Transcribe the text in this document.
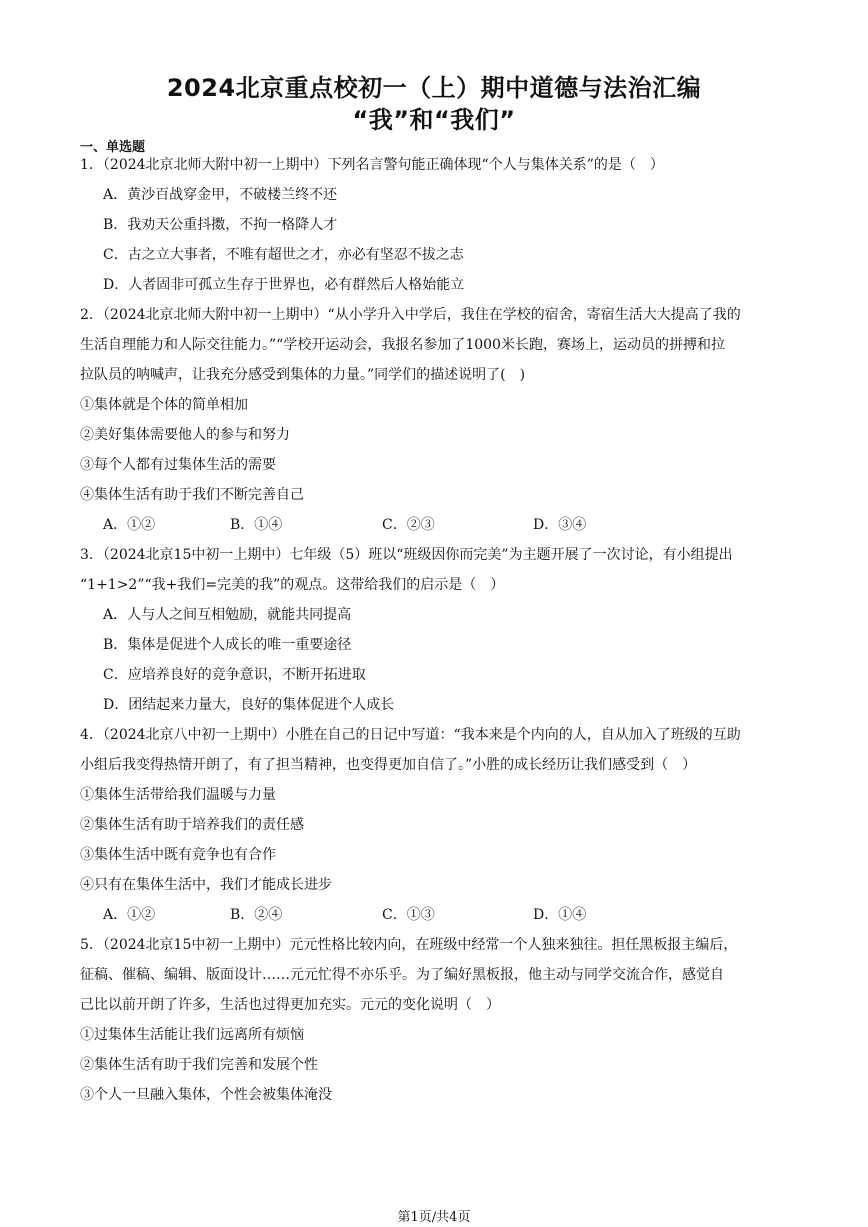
2024北京重点校初一（上）期中道德与法治汇编
“我”和“我们”
一、单选题
1．（2024北京北师大附中初一上期中）下列名言警句能正确体现“个人与集体关系”的是（　）
A．黄沙百战穿金甲，不破楼兰终不还
B．我劝天公重抖擞，不拘一格降人才
C．古之立大事者，不唯有超世之才，亦必有坚忍不拔之志
D．人者固非可孤立生存于世界也，必有群然后人格始能立
2．（2024北京北师大附中初一上期中）“从小学升入中学后，我住在学校的宿舍，寄宿生活大大提高了我的
生活自理能力和人际交往能力。”“学校开运动会，我报名参加了1000米长跑，赛场上，运动员的拼搏和拉
拉队员的呐喊声，让我充分感受到集体的力量。”同学们的描述说明了(　)
①集体就是个体的简单相加
②美好集体需要他人的参与和努力
③每个人都有过集体生活的需要
④集体生活有助于我们不断完善自己
A．①②	B．①④	C．②③	D．③④
3．（2024北京15中初一上期中）七年级（5）班以“班级因你而完美”为主题开展了一次讨论，有小组提出
“1+1>2”“我+我们=完美的我”的观点。这带给我们的启示是（　）
A．人与人之间互相勉励，就能共同提高
B．集体是促进个人成长的唯一重要途径
C．应培养良好的竞争意识，不断开拓进取
D．团结起来力量大，良好的集体促进个人成长
4．（2024北京八中初一上期中）小胜在自己的日记中写道：“我本来是个内向的人，自从加入了班级的互助
小组后我变得热情开朗了，有了担当精神，也变得更加自信了。”小胜的成长经历让我们感受到（　）
①集体生活带给我们温暖与力量
②集体生活有助于培养我们的责任感
③集体生活中既有竞争也有合作
④只有在集体生活中，我们才能成长进步
A．①②	B．②④	C．①③	D．①④
5．（2024北京15中初一上期中）元元性格比较内向，在班级中经常一个人独来独往。担任黑板报主编后，
征稿、催稿、编辑、版面设计……元元忙得不亦乐乎。为了编好黑板报，他主动与同学交流合作，感觉自
己比以前开朗了许多，生活也过得更加充实。元元的变化说明（　）
①过集体生活能让我们远离所有烦恼
②集体生活有助于我们完善和发展个性
③个人一旦融入集体，个性会被集体淹没
第1页/共4页
